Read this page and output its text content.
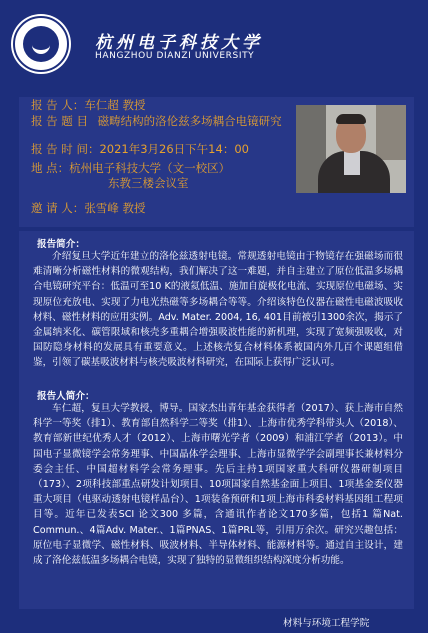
杭州电子科技大学
HANGZHOU DIANZI UNIVERSITY
报 告 人：车仁超 教授
报 告 题 目 磁畴结构的洛伦兹多场耦合电镜研究
报 告 时 间：2021年3月26日下午14：00
地 点：杭州电子科技大学（文一校区）
东教三楼会议室
邀 请 人：张雪峰 教授
报告简介：

介绍复旦大学近年建立的洛伦兹透射电镜。常规透射电镜由于物镜存在强磁场而很难清晰分析磁性材料的微观结构，我们解决了这一难题，并自主建立了原位低温多场耦合电镜研究平台：低温可至10 K的液氦低温、施加自旋极化电流、实现原位电磁场、实现原位充放电、实现了力电光热磁等多场耦合等等。介绍该特色仪器在磁性电磁波吸收材料、磁性材料的应用实例。Adv. Mater. 2004, 16, 401目前被引1300余次，揭示了金属纳米化、碳管限域和核壳多重耦合增强吸波性能的新机理，实现了宽频强吸收，对国防隐身材料的发展具有重要意义。上述核壳复合材料体系被国内外几百个课题组借鉴，引领了碳基吸波材料与核壳吸波材料研究，在国际上获得广泛认可。

报告人简介：

车仁超，复旦大学教授，博导。国家杰出青年基金获得者（2017）、获上海市自然科学一等奖（排1）、教育部自然科学二等奖（排1）、上海市优秀学科带头人（2018）、教育部新世纪优秀人才（2012）、上海市曙光学者（2009）和浦江学者（2013）。中国电子显微镜学会常务理事、中国晶体学会理事、上海市显微学学会副理事长兼材料分委会主任、中国超材料学会常务理事。先后主持1项国家重大科研仪器研制项目（173）、2项科技部重点研发计划项目、10项国家自然基金面上项目、1项基金委仪器重大项目（电驱动透射电镜样品台）、1项装备预研和1项上海市科委材料基因组工程项目等。近年已发表SCI 论文300 多篇，含通讯作者论文170多篇，包括1 篇Nat. Commun.、4篇Adv. Mater.、1篇PNAS、1篇PRL等，引用万余次。研究兴趣包括：原位电子显微学、磁性材料、吸波材料、半导体材料、能源材料等。通过自主设计，建成了洛伦兹低温多场耦合电镜，实现了独特的显微组织结构深度分析功能。

材料与环境工程学院
